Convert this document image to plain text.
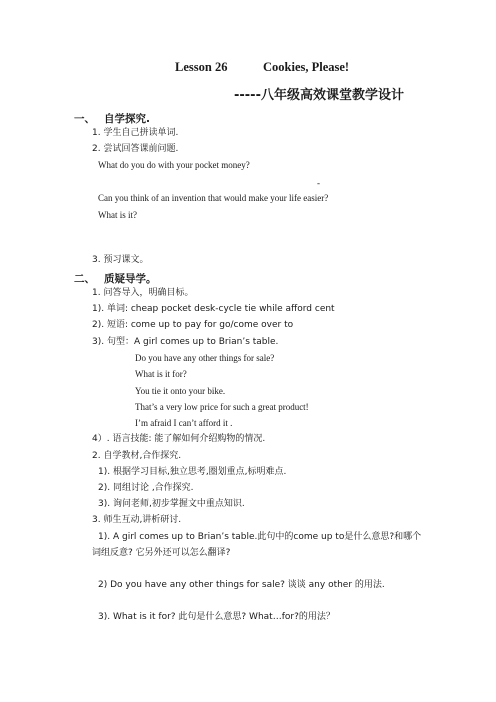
Lesson 26	Cookies, Please!
-----八年级高效课堂教学设计
一、 自学探究.
1. 学生自己拼读单词.
2. 尝试回答课前问题.
What do you do with your pocket money?
-
Can you think of an invention that would make your life easier?
What is it?
3. 预习课文。
二、 质疑导学。
1. 问答导入，明确目标。
1). 单词: cheap pocket desk-cycle tie while afford cent
2). 短语: come up to pay for go/come over to
3). 句型：A girl comes up to Brian’s table.
Do you have any other things for sale?
What is it for?
You tie it onto your bike.
That’s a very low price for such a great product!
I’m afraid I can’t afford it .
4）. 语言技能: 能了解如何介绍购物的情况.
2. 自学教材,合作探究.
1). 根据学习目标,独立思考,圈划重点,标明难点.
2). 同组讨论 ,合作探究.
3). 询问老师,初步掌握文中重点知识.
3. 师生互动,讲析研讨.
1). A girl comes up to Brian’s table.此句中的come up to是什么意思?和哪个
词组反意? 它另外还可以怎么翻译?
2) Do you have any other things for sale? 谈谈 any other 的用法.
3). What is it for? 此句是什么意思? What…for?的用法？
